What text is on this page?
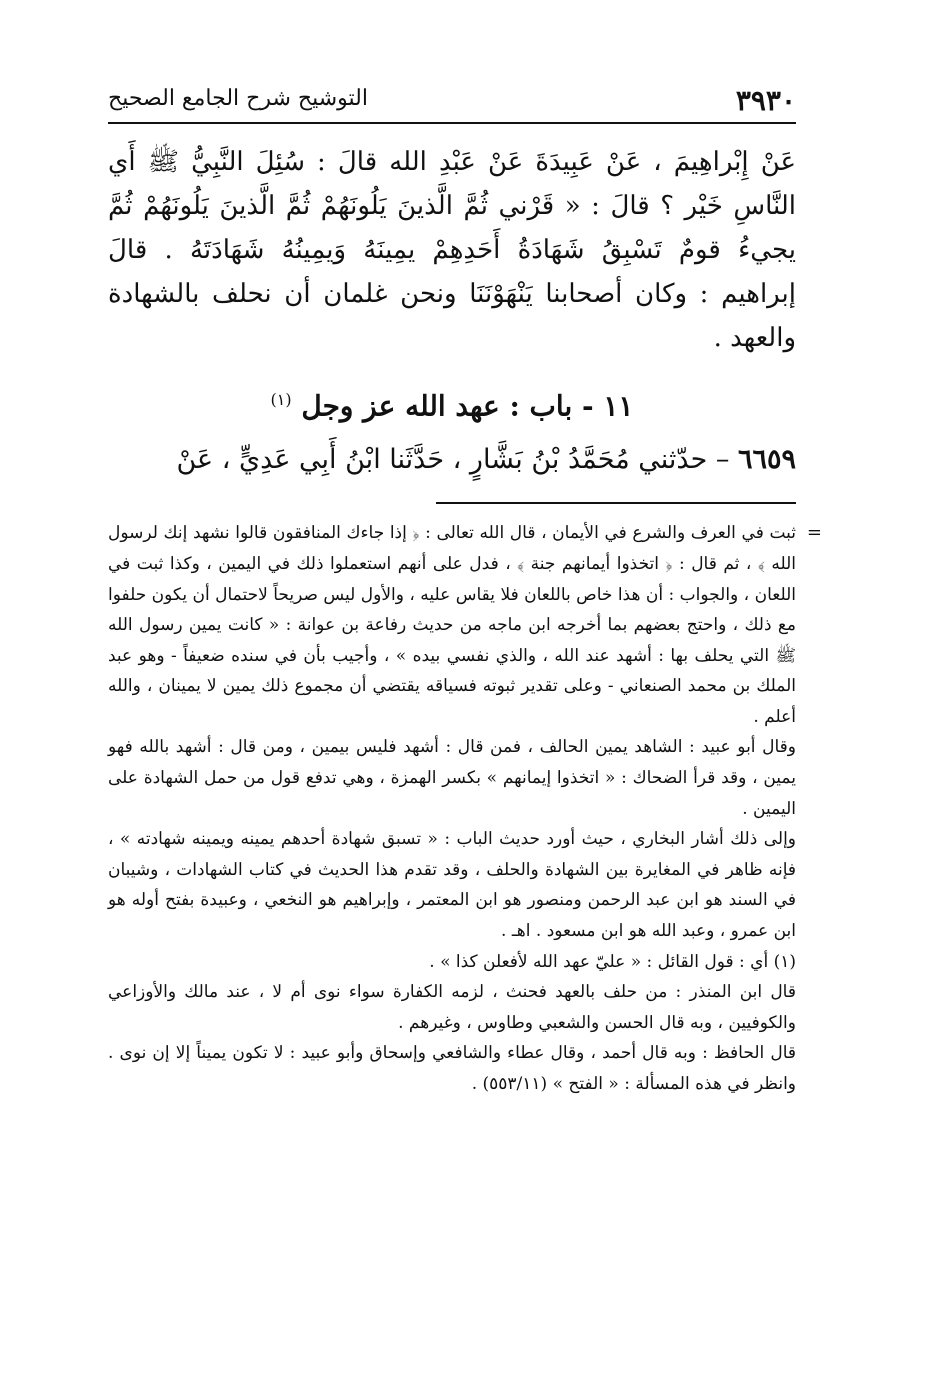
٣٩٣٠
التوشيح شرح الجامع الصحيح

عَنْ إِبْراهِيمَ ، عَنْ عَبِيدَةَ عَنْ عَبْدِ الله قالَ : سُئِلَ النَّبِيُّ ﷺ أَي النَّاسِ خَيْر ؟ قالَ : « قَرْني ثُمَّ الَّذينَ يَلُونَهُمْ ثُمَّ الَّذينَ يَلُونَهُمْ ثُمَّ يجيءُ قومٌ تَسْبِقُ شَهَادَةُ أَحَدِهِمْ يمِينَهُ وَيمِينُهُ شَهَادَتَهُ . قالَ إبراهيم : وكان أصحابنا يَنْهَوْنَنَا ونحن غلمان أن نحلف بالشهادة والعهد .

١١ - باب : عهد الله عز وجل $^{(١)}$

٦٦٥٩ – حدّثني مُحَمَّدُ بْنُ بَشَّارٍ ، حَدَّثَنا ابْنُ أَبِي عَدِيٍّ ، عَنْ

=
ثبت في العرف والشرع في الأيمان ، قال الله تعالى : ﴿ إذا جاءك المنافقون قالوا نشهد إنك لرسول الله ﴾ ، ثم قال : ﴿ اتخذوا أيمانهم جنة ﴾ ، فدل على أنهم استعملوا ذلك في اليمين ، وكذا ثبت في اللعان ، والجواب : أن هذا خاص باللعان فلا يقاس عليه ، والأول ليس صريحاً لاحتمال أن يكون حلفوا مع ذلك ، واحتج بعضهم بما أخرجه ابن ماجه من حديث رفاعة بن عوانة : « كانت يمين رسول الله ﷺ التي يحلف بها : أشهد عند الله ، والذي نفسي بيده » ، وأجيب بأن في سنده ضعيفاً - وهو عبد الملك بن محمد الصنعاني - وعلى تقدير ثبوته فسياقه يقتضي أن مجموع ذلك يمين لا يمينان ، والله أعلم .

وقال أبو عبيد : الشاهد يمين الحالف ، فمن قال : أشهد فليس بيمين ، ومن قال : أشهد بالله فهو يمين ، وقد قرأ الضحاك : « اتخذوا إيمانهم » بكسر الهمزة ، وهي تدفع قول من حمل الشهادة على اليمين .

وإلى ذلك أشار البخاري ، حيث أورد حديث الباب : « تسبق شهادة أحدهم يمينه ويمينه شهادته » ، فإنه ظاهر في المغايرة بين الشهادة والحلف ، وقد تقدم هذا الحديث في كتاب الشهادات ، وشيبان في السند هو ابن عبد الرحمن ومنصور هو ابن المعتمر ، وإبراهيم هو النخعي ، وعبيدة بفتح أوله هو ابن عمرو ، وعبد الله هو ابن مسعود . اهـ .

(١) أي : قول القائل : « عليّ عهد الله لأفعلن كذا » .

قال ابن المنذر : من حلف بالعهد فحنث ، لزمه الكفارة سواء نوى أم لا ، عند مالك والأوزاعي والكوفيين ، وبه قال الحسن والشعبي وطاوس ، وغيرهم .

قال الحافظ : وبه قال أحمد ، وقال عطاء والشافعي وإسحاق وأبو عبيد : لا تكون يميناً إلا إن نوى . وانظر في هذه المسألة : « الفتح » (٥٥٣/١١) .
